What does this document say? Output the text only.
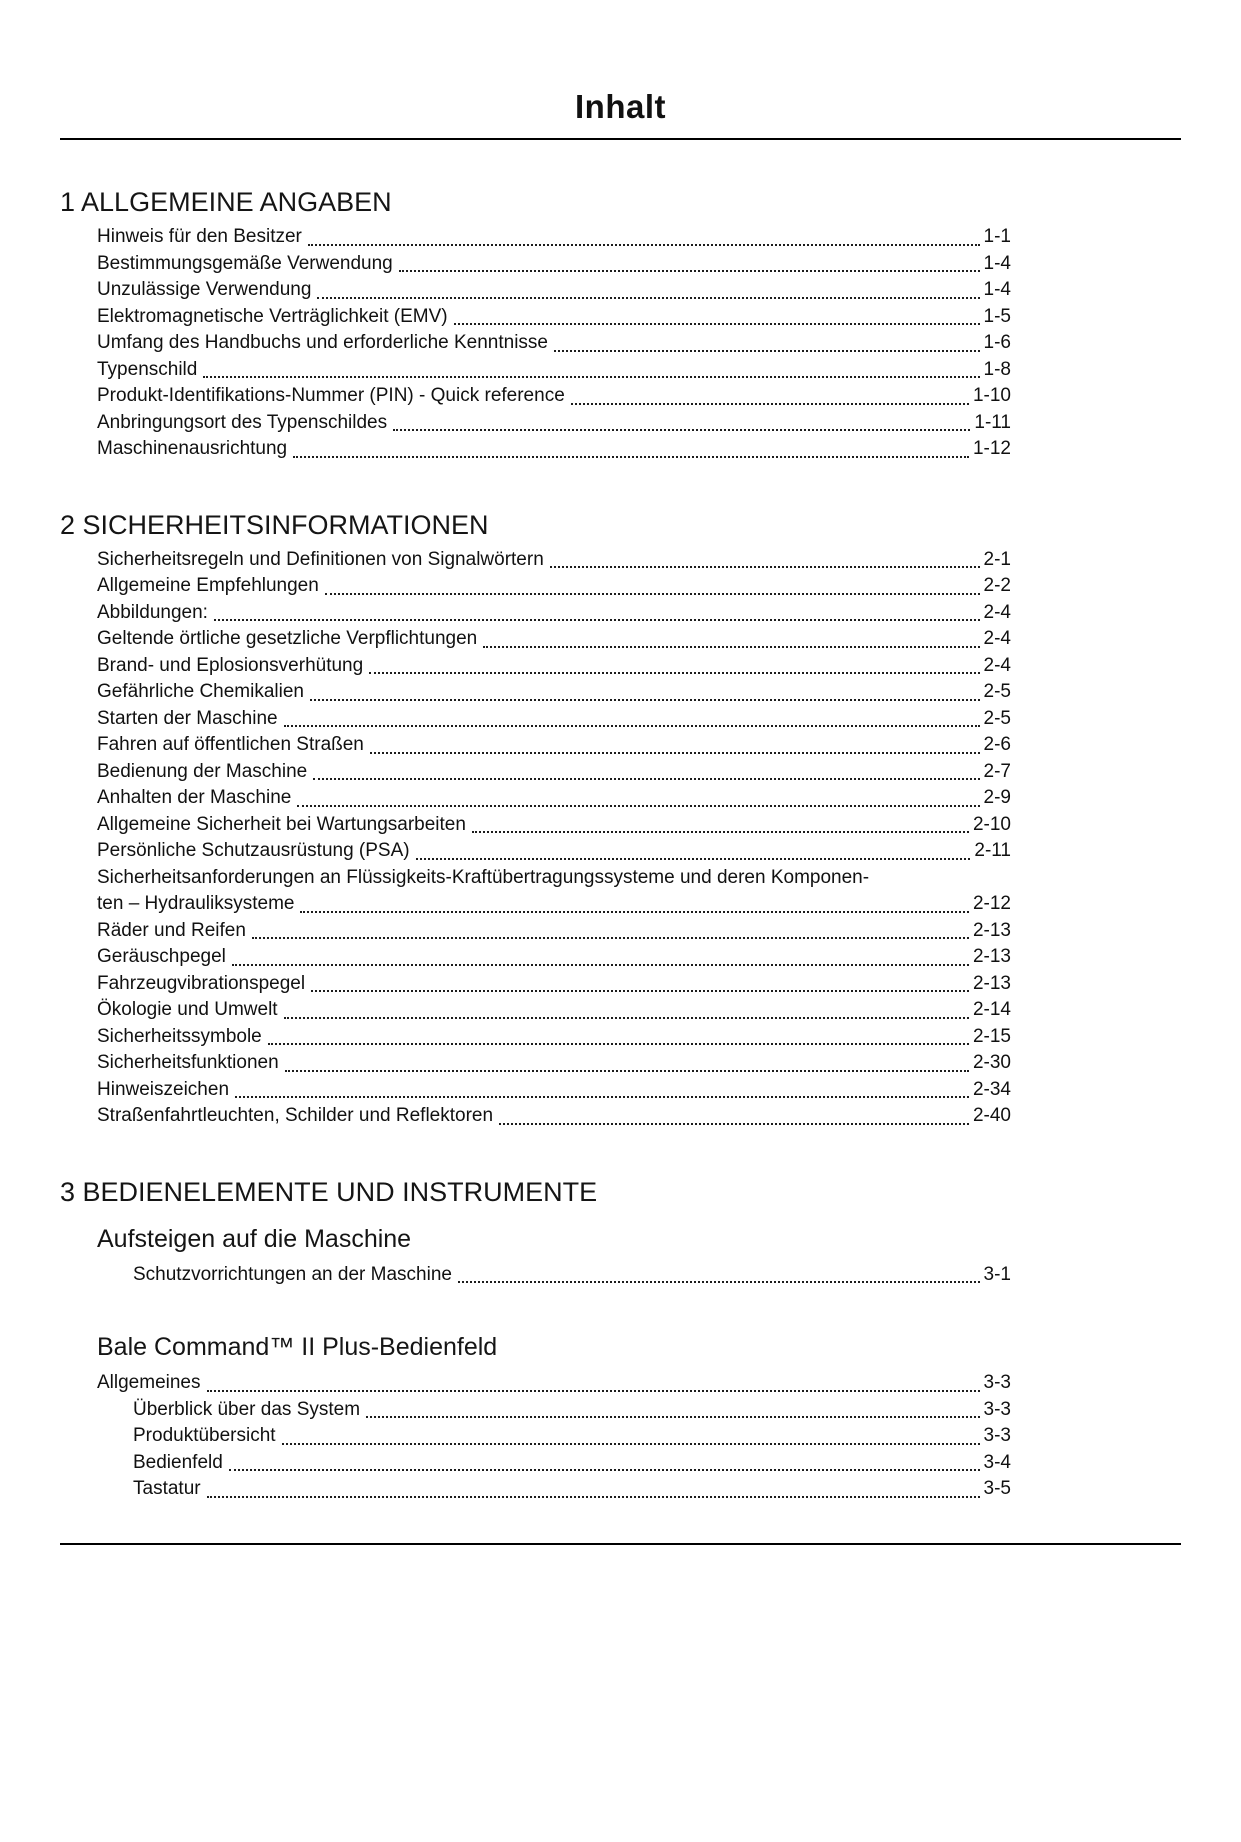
Inhalt
1 ALLGEMEINE ANGABEN
Hinweis für den Besitzer	1-1
Bestimmungsgemäße Verwendung	1-4
Unzulässige Verwendung	1-4
Elektromagnetische Verträglichkeit (EMV)	1-5
Umfang des Handbuchs und erforderliche Kenntnisse	1-6
Typenschild	1-8
Produkt-Identifikations-Nummer (PIN) - Quick reference	1-10
Anbringungsort des Typenschildes	1-11
Maschinenausrichtung	1-12
2 SICHERHEITSINFORMATIONEN
Sicherheitsregeln und Definitionen von Signalwörtern	2-1
Allgemeine Empfehlungen	2-2
Abbildungen:	2-4
Geltende örtliche gesetzliche Verpflichtungen	2-4
Brand- und Eplosionsverhütung	2-4
Gefährliche Chemikalien	2-5
Starten der Maschine	2-5
Fahren auf öffentlichen Straßen	2-6
Bedienung der Maschine	2-7
Anhalten der Maschine	2-9
Allgemeine Sicherheit bei Wartungsarbeiten	2-10
Persönliche Schutzausrüstung (PSA)	2-11
Sicherheitsanforderungen an Flüssigkeits-Kraftübertragungssysteme und deren Komponen-
ten – Hydrauliksysteme	2-12
Räder und Reifen	2-13
Geräuschpegel	2-13
Fahrzeugvibrationspegel	2-13
Ökologie und Umwelt	2-14
Sicherheitssymbole	2-15
Sicherheitsfunktionen	2-30
Hinweiszeichen	2-34
Straßenfahrtleuchten, Schilder und Reflektoren	2-40
3 BEDIENELEMENTE UND INSTRUMENTE
Aufsteigen auf die Maschine
Schutzvorrichtungen an der Maschine	3-1
Bale Command™ II Plus-Bedienfeld
Allgemeines	3-3
Überblick über das System	3-3
Produktübersicht	3-3
Bedienfeld	3-4
Tastatur	3-5
